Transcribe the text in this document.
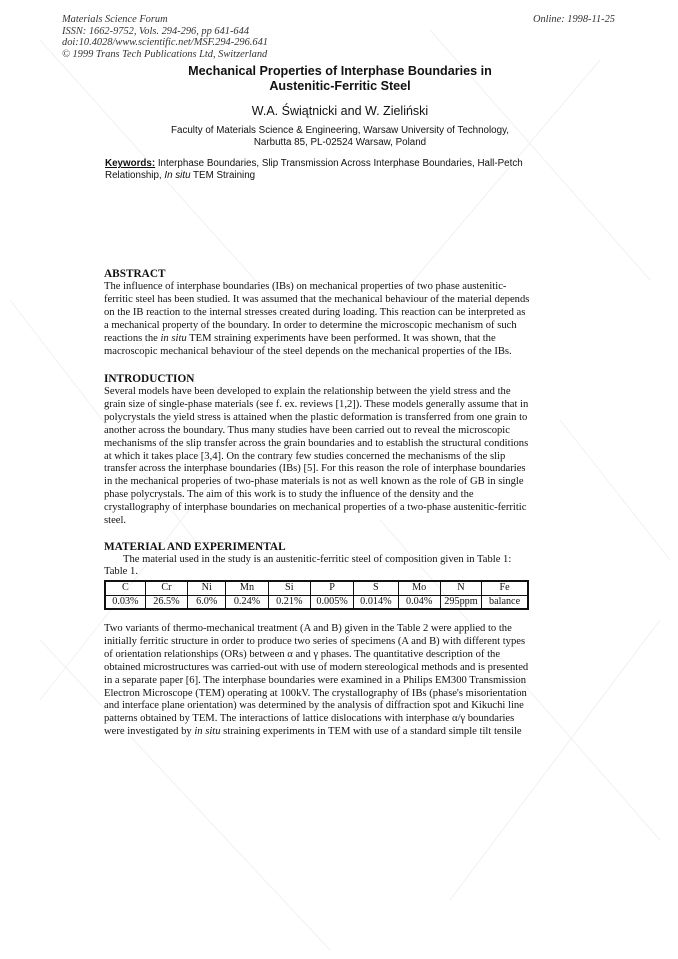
Materials Science Forum
ISSN: 1662-9752, Vols. 294-296, pp 641-644
doi:10.4028/www.scientific.net/MSF.294-296.641
© 1999 Trans Tech Publications Ltd, Switzerland
Online: 1998-11-25
Mechanical Properties of Interphase Boundaries in
Austenitic-Ferritic Steel
W.A. Świątnicki and W. Zieliński
Faculty of Materials Science & Engineering, Warsaw University of Technology,
Narbutta 85, PL-02524 Warsaw, Poland
Keywords: Interphase Boundaries, Slip Transmission Across Interphase Boundaries, Hall-Petch Relationship, In situ TEM Straining
ABSTRACT
The influence of interphase boundaries (IBs) on mechanical properties of two phase austenitic-
ferritic steel has been studied. It was assumed that the mechanical behaviour of the material depends
on the IB reaction to the internal stresses created during loading. This reaction can be interpreted as
a mechanical property of the boundary. In order to determine the microscopic mechanism of such
reactions the in situ TEM straining experiments have been performed. It was shown, that the
macroscopic mechanical behaviour of the steel depends on the mechanical properties of the IBs.
INTRODUCTION
Several models have been developed to explain the relationship between the yield stress and the
grain size of single-phase materials (see f. ex. reviews [1,2]). These models generally assume that in
polycrystals the yield stress is attained when the plastic deformation is transferred from one grain to
another across the boundary. Thus many studies have been carried out to reveal the microscopic
mechanisms of the slip transfer across the grain boundaries and to establish the structural conditions
at which it takes place [3,4]. On the contrary few studies concerned the mechanisms of the slip
transfer across the interphase boundaries (IBs) [5]. For this reason the role of interphase boundaries
in the mechanical properies of two-phase materials is not as well known as the role of GB in single
phase polycrystals. The aim of this work is to study the influence of the density and the
crystallography of interphase boundaries on mechanical properties of a two-phase austenitic-ferritic
steel.
MATERIAL AND EXPERIMENTAL
The material used in the study is an austenitic-ferritic steel of composition given in Table 1:
Table 1.
C	Cr	Ni	Mn	Si	P	S	Mo	N	Fe
0.03%	26.5%	6.0%	0.24%	0.21%	0.005%	0.014%	0.04%	295ppm	balance
Two variants of thermo-mechanical treatment (A and B) given in the Table 2 were applied to the
initially ferritic structure in order to produce two series of specimens (A and B) with different types
of orientation relationships (ORs) between α and γ phases. The quantitative description of the
obtained microstructures was carried-out with use of modern stereological methods and is presented
in a separate paper [6]. The interphase boundaries were examined in a Philips EM300 Transmission
Electron Microscope (TEM) operating at 100kV. The crystallography of IBs (phase's misorientation
and interface plane orientation) was determined by the analysis of diffraction spot and Kikuchi line
patterns obtained by TEM. The interactions of lattice dislocations with interphase α/γ boundaries
were investigated by in situ straining experiments in TEM with use of a standard simple tilt tensile
